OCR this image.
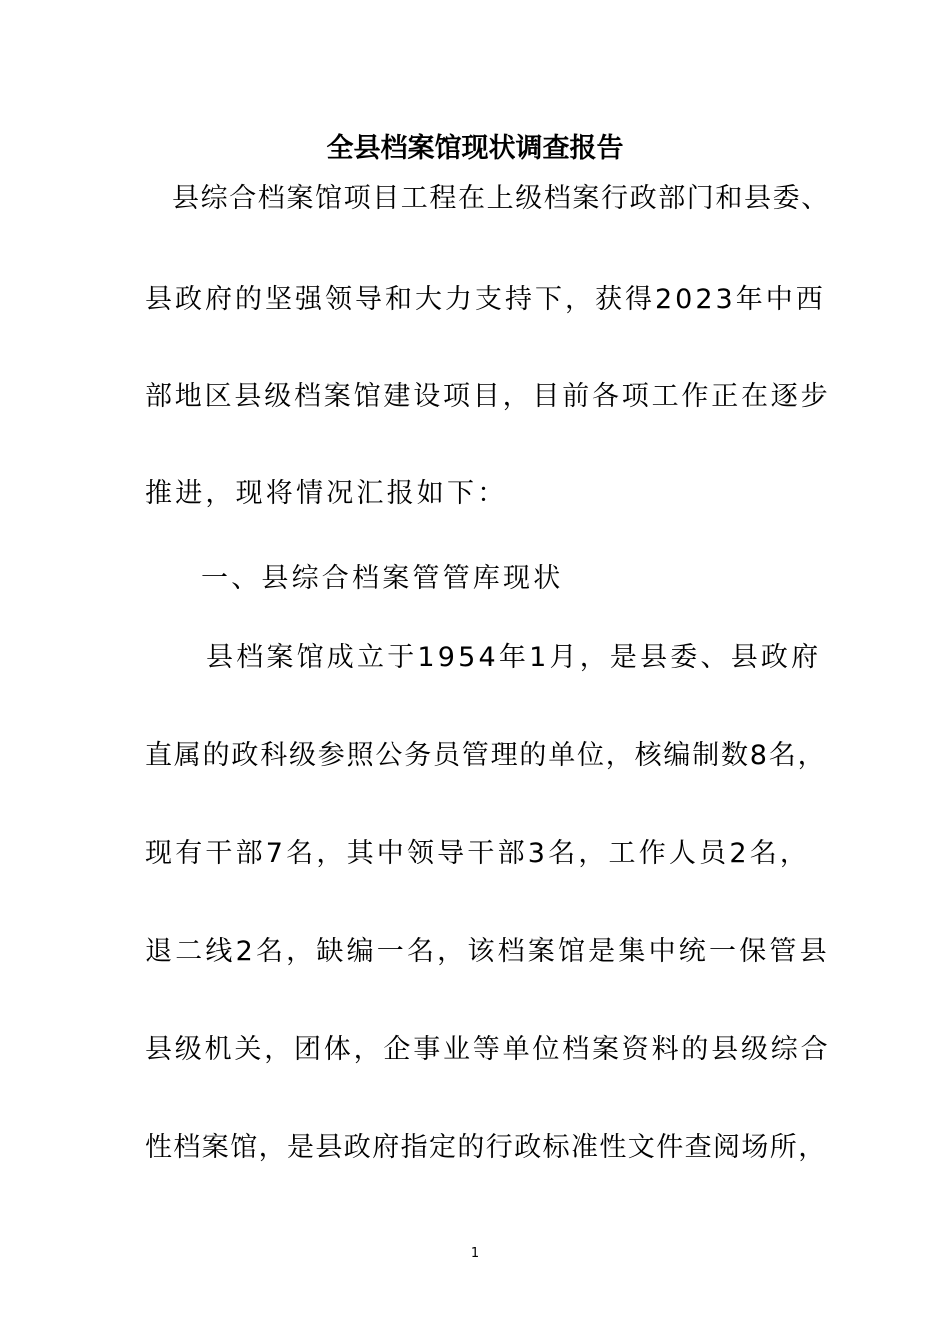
全县档案馆现状调查报告
县综合档案馆项目工程在上级档案行政部门和县委、
县政府的坚强领导和大力支持下，获得2023年中西
部地区县级档案馆建设项目，目前各项工作正在逐步
推进，现将情况汇报如下：
一、县综合档案管管库现状
县档案馆成立于1954年1月，是县委、县政府
直属的政科级参照公务员管理的单位，核编制数8名，
现有干部7名，其中领导干部3名，工作人员2名，
退二线2名，缺编一名，该档案馆是集中统一保管县
县级机关，团体，企事业等单位档案资料的县级综合
性档案馆，是县政府指定的行政标准性文件查阅场所，
1
